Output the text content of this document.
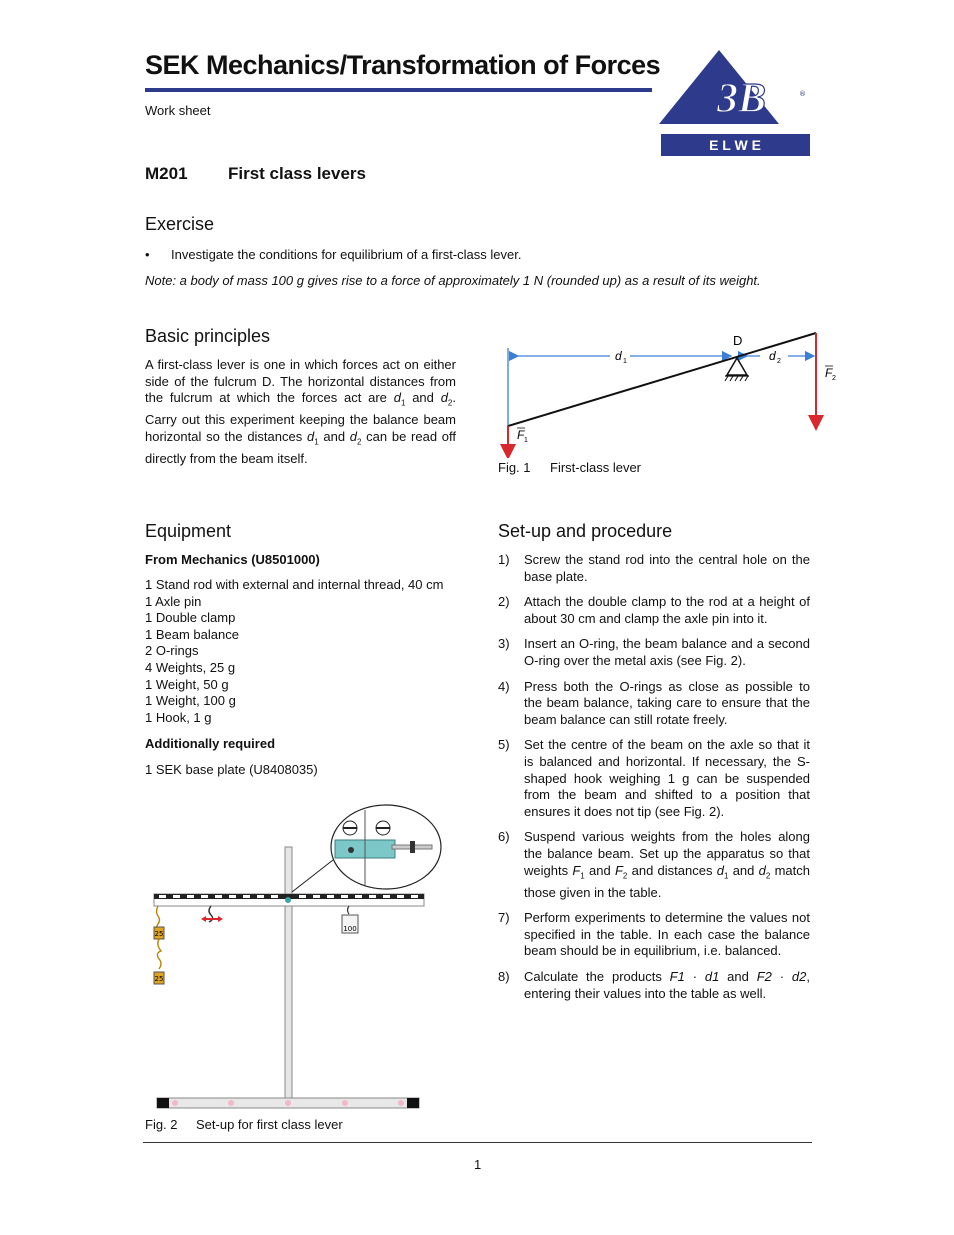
SEK Mechanics/Transformation of Forces
Work sheet	3B	®
E L W E
M201 First class levers
Exercise
• Investigate the conditions for equilibrium of a first-class lever.
Note: a body of mass 100 g gives rise to a force of approximately 1 N (rounded up) as a result of its weight.
Basic principles
A first-class lever is one in which forces act on either side of the fulcrum D. The horizontal distances from the fulcrum at which the forces act are $d_1$ and $d_2$. Carry out this experiment keeping the balance beam horizontal so the distances $d_1$ and $d_2$ can be read off directly from the beam itself.
D
d 1	d 2
F 1
F 2
Fig. 1 First-class lever
Equipment
From Mechanics (U8501000)
1 Stand rod with external and internal thread, 40 cm
1 Axle pin
1 Double clamp
1 Beam balance
2 O-rings
4 Weights, 25 g
1 Weight, 50 g
1 Weight, 100 g
1 Hook, 1 g
Additionally required
1 SEK base plate (U8408035)
25
25
100
Fig. 2 Set-up for first class lever
Set-up and procedure
1)	Screw the stand rod into the central hole on the base plate.
2)	Attach the double clamp to the rod at a height of about 30 cm and clamp the axle pin into it.
3)	Insert an O-ring, the beam balance and a second O-ring over the metal axis (see Fig. 2).
4)	Press both the O-rings as close as possible to the beam balance, taking care to ensure that the beam balance can still rotate freely.
5)	Set the centre of the beam on the axle so that it is balanced and horizontal. If necessary, the S-shaped hook weighing 1 g can be suspended from the beam and shifted to a position that ensures it does not tip (see Fig. 2).
6)	Suspend various weights from the holes along the balance beam. Set up the apparatus so that weights $F_1$ and $F_2$ and distances $d_1$ and $d_2$ match those given in the table.
7)	Perform experiments to determine the values not specified in the table. In each case the balance beam should be in equilibrium, i.e. balanced.
8)	Calculate the products F1 · d1 and F2 · d2, entering their values into the table as well.
1
